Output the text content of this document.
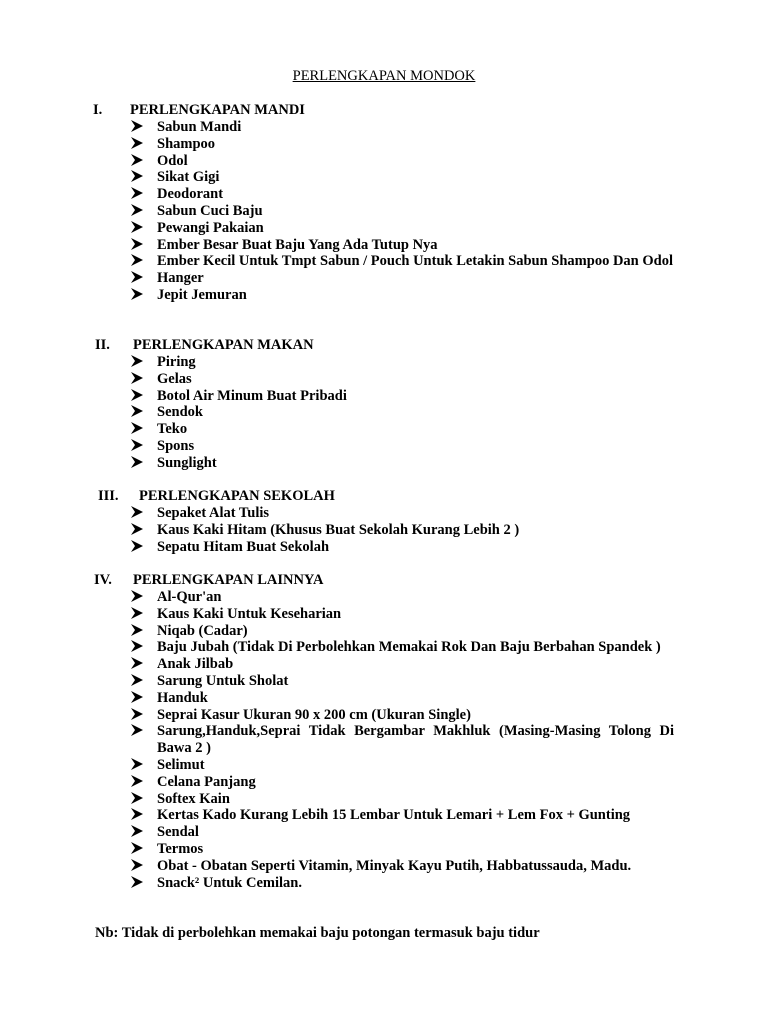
PERLENGKAPAN MONDOK
I. PERLENGKAPAN MANDI
Sabun Mandi
Shampoo
Odol
Sikat Gigi
Deodorant
Sabun Cuci Baju
Pewangi Pakaian
Ember Besar Buat Baju Yang Ada Tutup Nya
Ember Kecil Untuk Tmpt Sabun / Pouch Untuk Letakin Sabun Shampoo Dan Odol
Hanger
Jepit Jemuran
II. PERLENGKAPAN MAKAN
Piring
Gelas
Botol Air Minum Buat Pribadi
Sendok
Teko
Spons
Sunglight
III. PERLENGKAPAN SEKOLAH
Sepaket Alat Tulis
Kaus Kaki Hitam (Khusus Buat Sekolah Kurang Lebih 2 )
Sepatu Hitam Buat Sekolah
IV. PERLENGKAPAN LAINNYA
Al-Qur'an
Kaus Kaki Untuk Keseharian
Niqab (Cadar)
Baju Jubah (Tidak Di Perbolehkan Memakai Rok Dan Baju Berbahan Spandek )
Anak Jilbab
Sarung Untuk Sholat
Handuk
Seprai Kasur Ukuran 90 x 200 cm (Ukuran Single)
Sarung,Handuk,Seprai Tidak Bergambar Makhluk (Masing-Masing Tolong Di Bawa 2 )
Selimut
Celana Panjang
Softex Kain
Kertas Kado Kurang Lebih 15 Lembar Untuk Lemari + Lem Fox + Gunting
Sendal
Termos
Obat - Obatan Seperti Vitamin, Minyak Kayu Putih, Habbatussauda, Madu.
Snack² Untuk Cemilan.
Nb: Tidak di perbolehkan memakai baju potongan termasuk baju tidur
